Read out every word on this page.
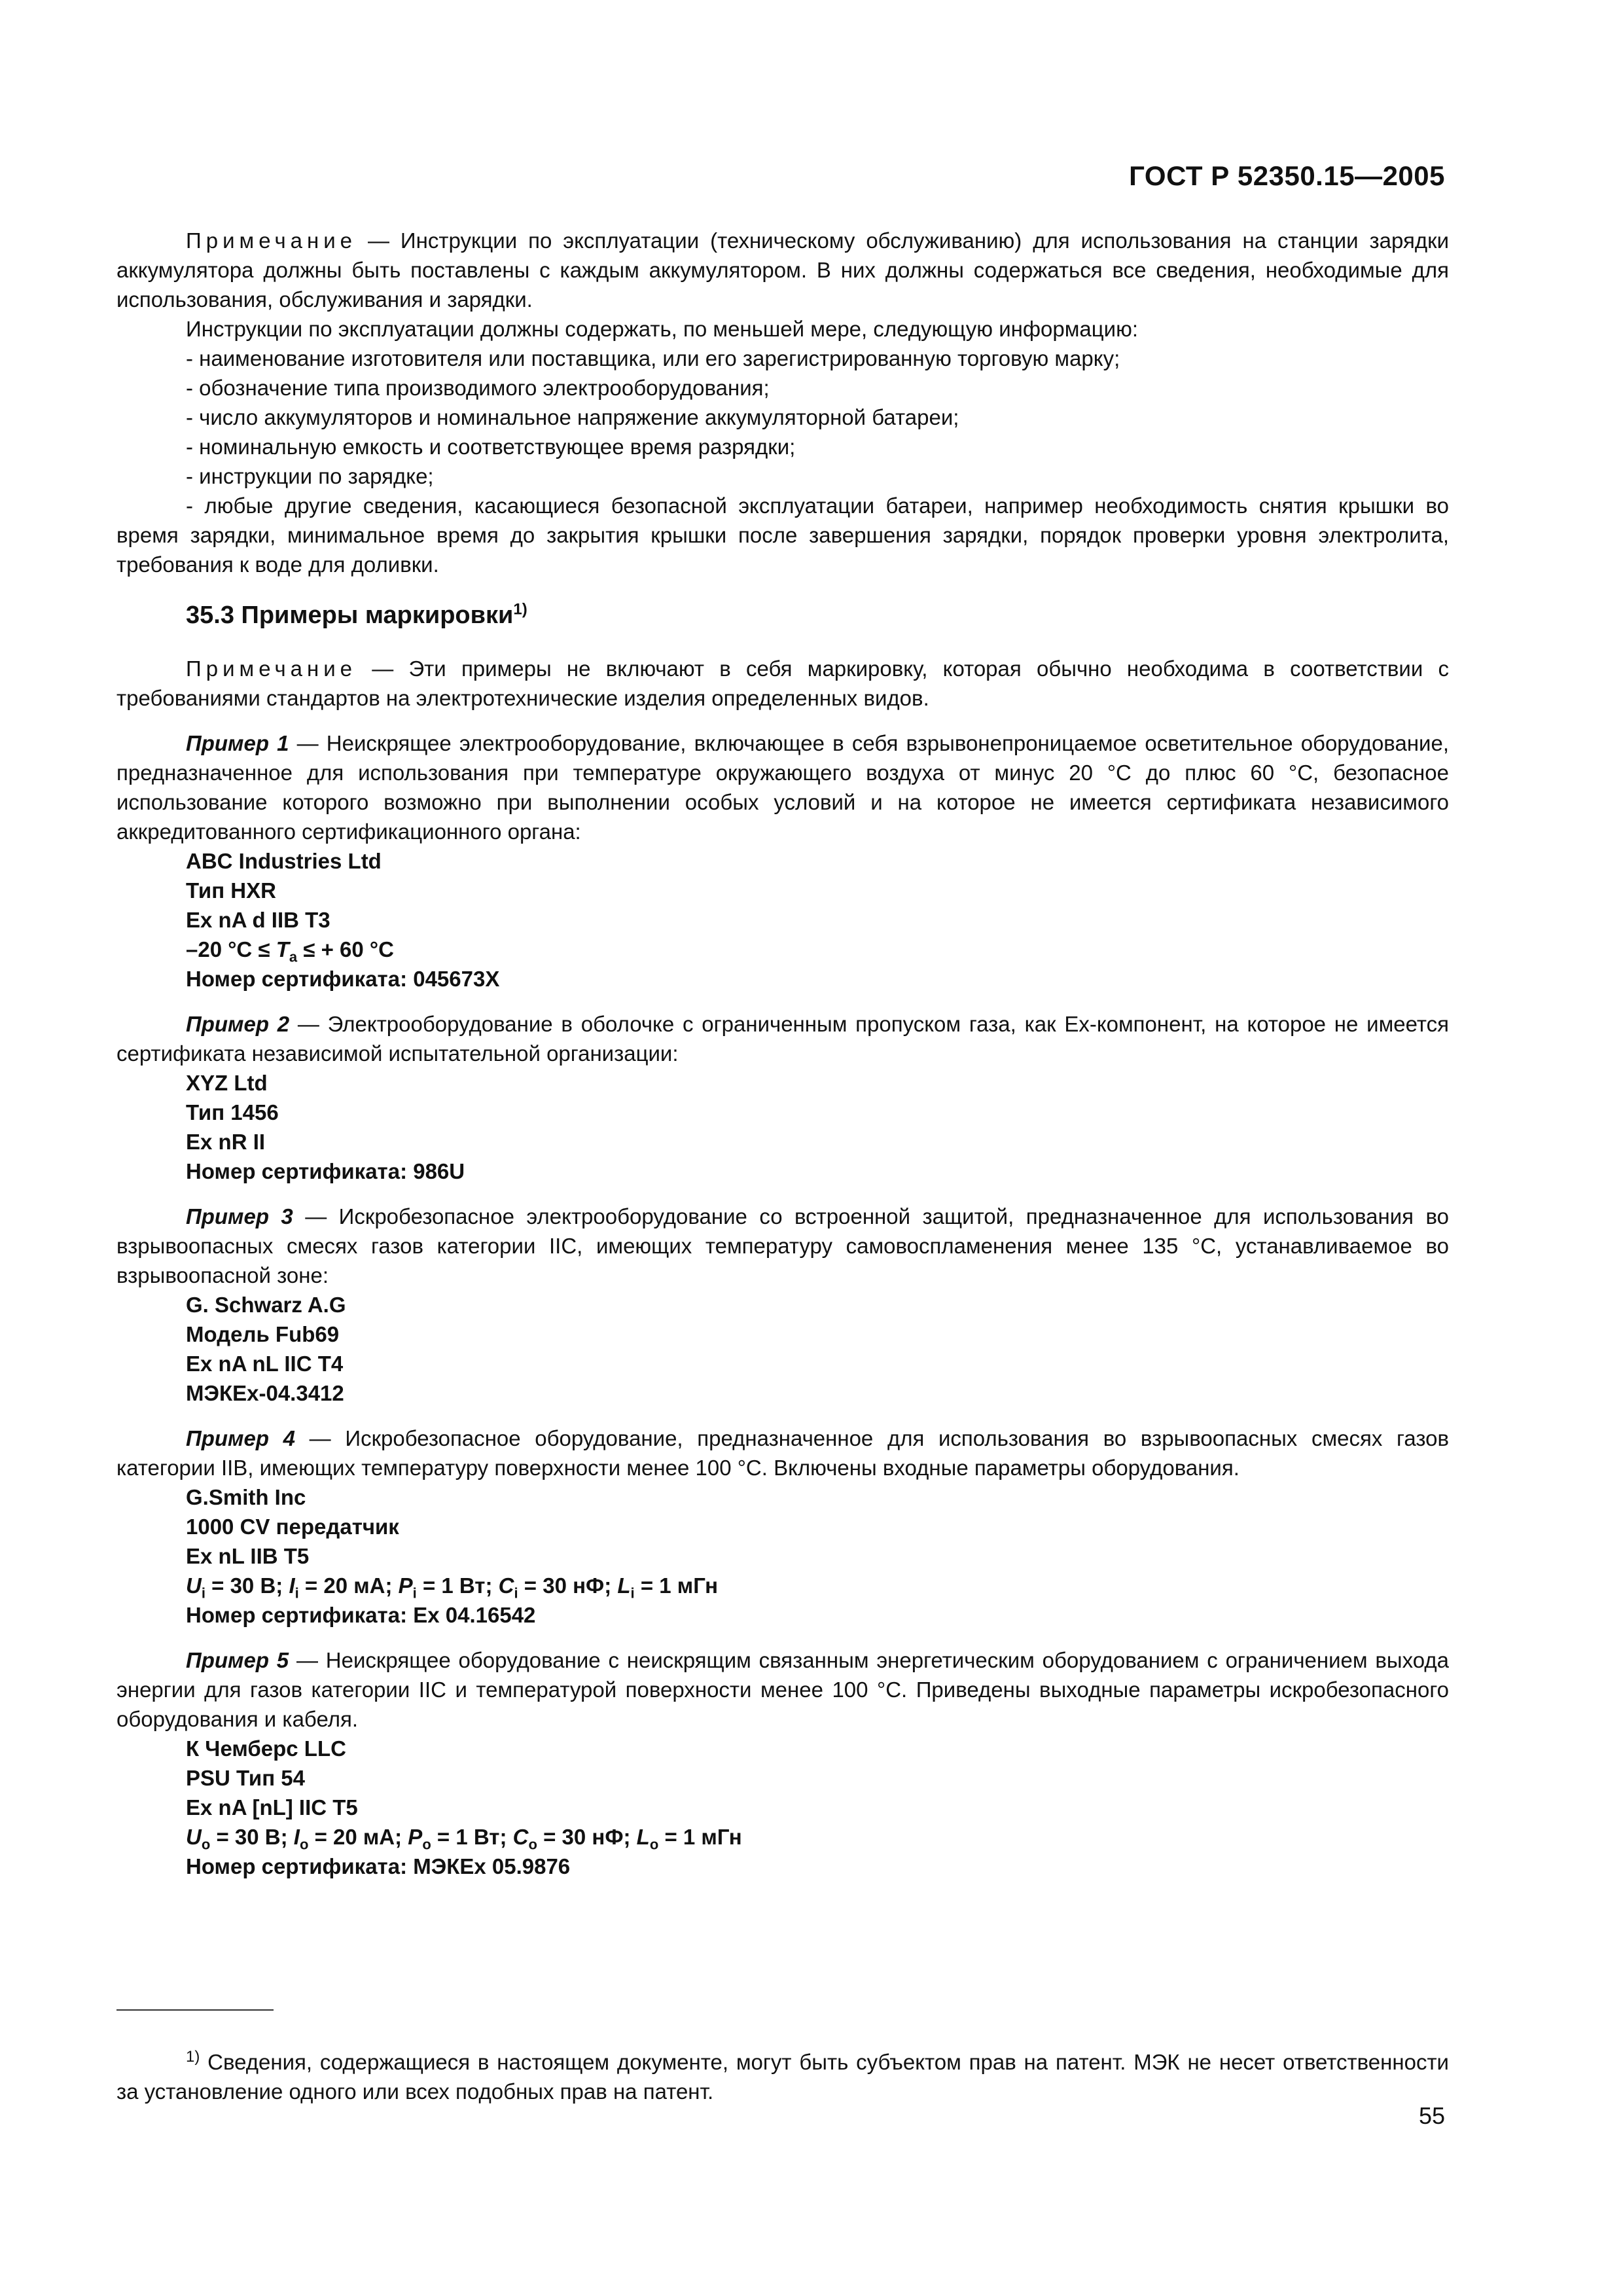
ГОСТ Р 52350.15—2005

Примечание — Инструкции по эксплуатации (техническому обслуживанию) для использования на станции зарядки аккумулятора должны быть поставлены с каждым аккумулятором. В них должны содержаться все сведения, необходимые для использования, обслуживания и зарядки.

Инструкции по эксплуатации должны содержать, по меньшей мере, следующую информацию:

- наименование изготовителя или поставщика, или его зарегистрированную торговую марку;

- обозначение типа производимого электрооборудования;

- число аккумуляторов и номинальное напряжение аккумуляторной батареи;

- номинальную емкость и соответствующее время разрядки;

- инструкции по зарядке;

- любые другие сведения, касающиеся безопасной эксплуатации батареи, например необходимость снятия крышки во время зарядки, минимальное время до закрытия крышки после завершения зарядки, порядок проверки уровня электролита, требования к воде для доливки.

35.3 Примеры маркировки$^{1)}$

Примечание — Эти примеры не включают в себя маркировку, которая обычно необходима в соответствии с требованиями стандартов на электротехнические изделия определенных видов.

Пример 1 — Неискрящее электрооборудование, включающее в себя взрывонепроницаемое осветительное оборудование, предназначенное для использования при температуре окружающего воздуха от минус 20 °С до плюс 60 °С, безопасное использование которого возможно при выполнении особых условий и на которое не имеется сертификата независимого аккредитованного сертификационного органа:

ABC Industries Ltd
Тип HXR
Ex nA d IIB T3
–20 $^\circ C \le T_a$ ≤ + 60 °C
Номер сертификата: 045673X

Пример 2 — Электрооборудование в оболочке с ограниченным пропуском газа, как Ex-компонент, на которое не имеется сертификата независимой испытательной организации:

XYZ Ltd
Тип 1456
Ex nR II
Номер сертификата: 986U

Пример 3 — Искробезопасное электрооборудование со встроенной защитой, предназначенное для использования во взрывоопасных смесях газов категории IIC, имеющих температуру самовоспламенения менее 135 °С, устанавливаемое во взрывоопасной зоне:

G. Schwarz A.G
Модель Fub69
Ex nA nL IIC T4
МЭКЕх-04.3412

Пример 4 — Искробезопасное оборудование, предназначенное для использования во взрывоопасных смесях газов категории IIB, имеющих температуру поверхности менее 100 °С. Включены входные параметры оборудования.

G.Smith Inc
1000 CV передатчик
Ex nL IIB T5
$U_i = 30$ В; $I_i = 20$ мА; $P_i = 1$ Вт; $C_i = 30$ нФ; $L_i = 1$ мГн
Номер сертификата: Ex 04.16542

Пример 5 — Неискрящее оборудование с неискрящим связанным энергетическим оборудованием с ограничением выхода энергии для газов категории IIC и температурой поверхности менее 100 °С. Приведены выходные параметры искробезопасного оборудования и кабеля.

К Чемберс LLC
PSU Тип 54
Ex nA [nL] IIC T5
$U_o = 30$ В; $I_o = 20$ мА; $P_o = 1$ Вт; $C_o = 30$ нФ; $L_o = 1$ мГн
Номер сертификата: МЭКЕх 05.9876

$^{1)}$ Сведения, содержащиеся в настоящем документе, могут быть субъектом прав на патент. МЭК не несет ответственности за установление одного или всех подобных прав на патент.

55
